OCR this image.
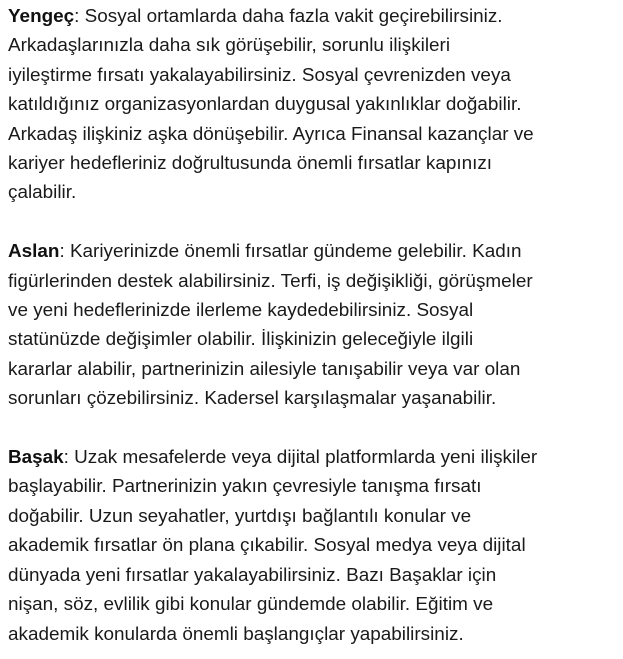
Yengeç: Sosyal ortamlarda daha fazla vakit geçirebilirsiniz.
Arkadaşlarınızla daha sık görüşebilir, sorunlu ilişkileri
iyileştirme fırsatı yakalayabilirsiniz. Sosyal çevrenizden veya
katıldığınız organizasyonlardan duygusal yakınlıklar doğabilir.
Arkadaş ilişkiniz aşka dönüşebilir. Ayrıca Finansal kazançlar ve
kariyer hedefleriniz doğrultusunda önemli fırsatlar kapınızı
çalabilir.

Aslan: Kariyerinizde önemli fırsatlar gündeme gelebilir. Kadın
figürlerinden destek alabilirsiniz. Terfi, iş değişikliği, görüşmeler
ve yeni hedeflerinizde ilerleme kaydedebilirsiniz. Sosyal
statünüzde değişimler olabilir. İlişkinizin geleceğiyle ilgili
kararlar alabilir, partnerinizin ailesiyle tanışabilir veya var olan
sorunları çözebilirsiniz. Kadersel karşılaşmalar yaşanabilir.

Başak: Uzak mesafelerde veya dijital platformlarda yeni ilişkiler
başlayabilir. Partnerinizin yakın çevresiyle tanışma fırsatı
doğabilir. Uzun seyahatler, yurtdışı bağlantılı konular ve
akademik fırsatlar ön plana çıkabilir. Sosyal medya veya dijital
dünyada yeni fırsatlar yakalayabilirsiniz. Bazı Başaklar için
nişan, söz, evlilik gibi konular gündemde olabilir. Eğitim ve
akademik konularda önemli başlangıçlar yapabilirsiniz.
